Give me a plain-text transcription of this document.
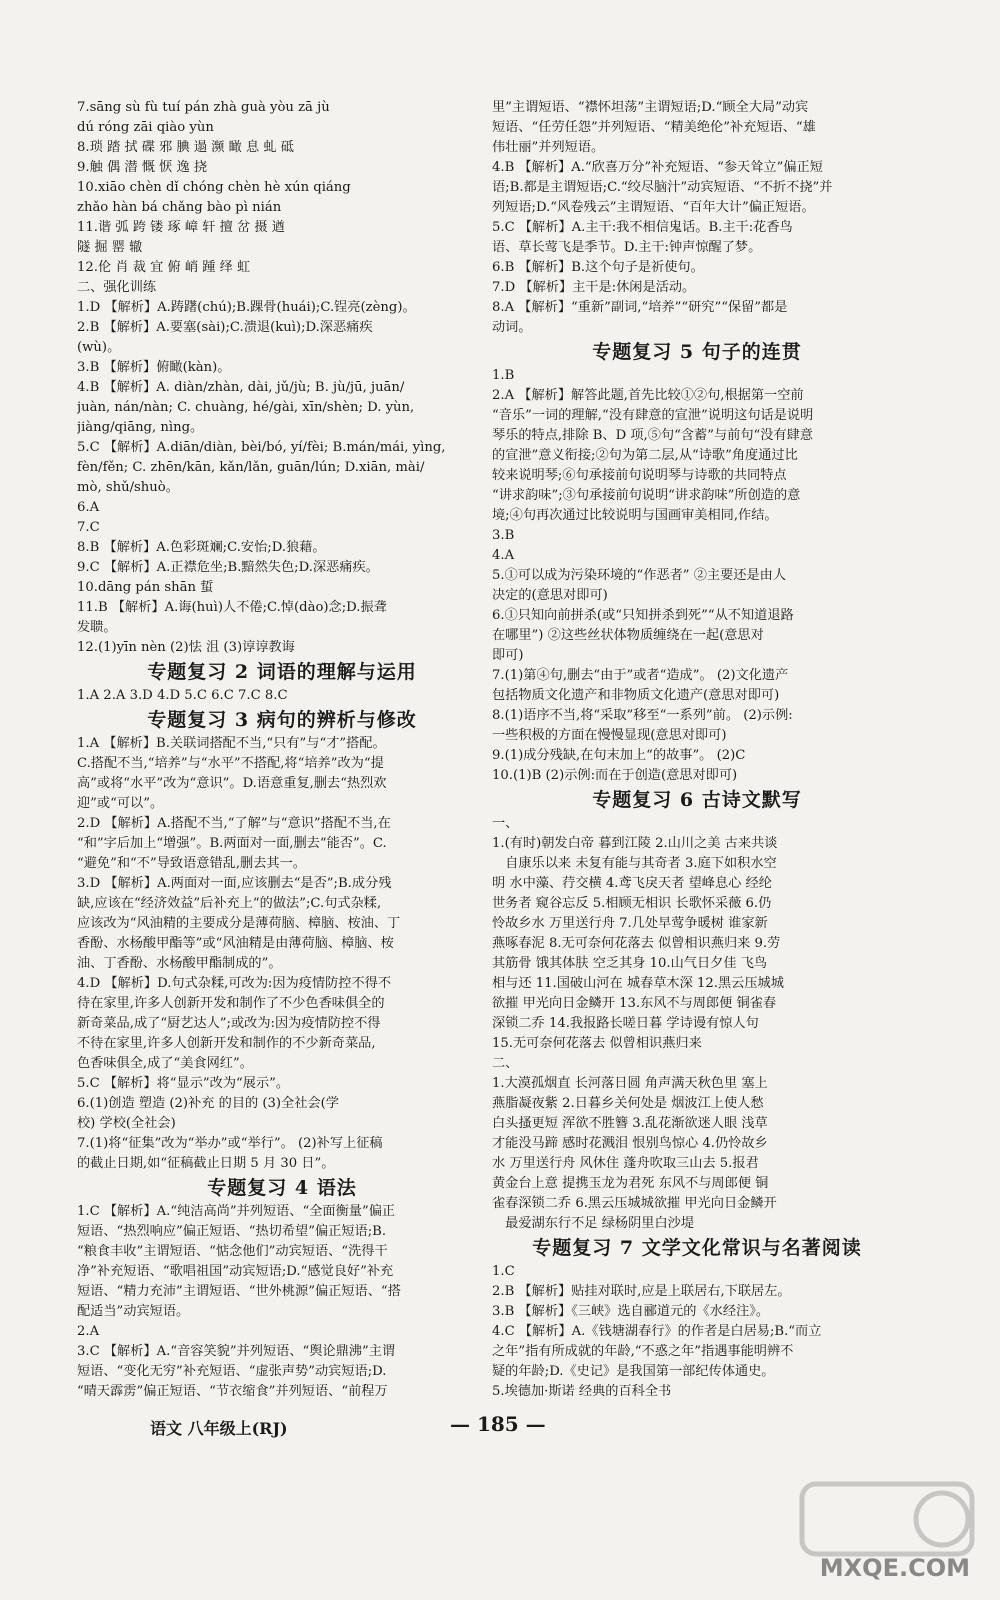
7.sāng sù fù tuí pán zhà guà yòu zā jù
dú róng zāi qiào yùn
8.琐 踏 拭 碟 邪 腆 遢 濒 瞰 息 虬 砥
9.触 偶 潜 慨 恹 逸 挠
10.xiāo chèn dǐ chóng chèn hè xún qiáng
zhǎo hàn bá chǎng bào pì nián
11.谐 弧 跨 镂 琢 嶂 轩 擅 岔 摄 遒
隧 掘 罂 辙
12.伦 肖 裁 宜 俯 峭 踵 绎 虹
二、强化训练
1.D 【解析】A.踌躇(chú);B.踝骨(huái);C.锃亮(zèng)。
2.B 【解析】A.要塞(sài);C.溃退(kuì);D.深恶痛疾
(wù)。
3.B 【解析】俯瞰(kàn)。
4.B 【解析】A. diàn/zhàn, dài, jǔ/jù; B. jù/jū, juān/
juàn, nán/nàn; C. chuàng, hé/gài, xīn/shèn; D. yùn,
jiàng/qiāng, nìng。
5.C 【解析】A.diān/diàn, bèi/bó, yí/fèi; B.mán/mái, yìng,
fèn/fěn; C. zhēn/kān, kǎn/lǎn, guān/lún; D.xiān, mài/
mò, shǔ/shuò。
6.A
7.C
8.B 【解析】A.色彩斑斓;C.安怡;D.狼藉。
9.C 【解析】A.正襟危坐;B.黯然失色;D.深恶痛疾。
10.dāng pán shān 蜇
11.B 【解析】A.诲(huì)人不倦;C.悼(dào)念;D.振聋
发聩。
12.(1)yīn nèn (2)怯 沮 (3)谆谆教诲
专题复习 2 词语的理解与运用
1.A 2.A 3.D 4.D 5.C 6.C 7.C 8.C
专题复习 3 病句的辨析与修改
1.A 【解析】B.关联词搭配不当,“只有”与“才”搭配。
C.搭配不当,“培养”与“水平”不搭配,将“培养”改为“提
高”或将“水平”改为“意识”。D.语意重复,删去“热烈欢
迎”或“可以”。
2.D 【解析】A.搭配不当,“了解”与“意识”搭配不当,在
“和”字后加上“增强”。B.两面对一面,删去“能否”。C.
“避免”和“不”导致语意错乱,删去其一。
3.D 【解析】A.两面对一面,应该删去“是否”;B.成分残
缺,应该在“经济效益”后补充上“的做法”;C.句式杂糅,
应该改为“风油精的主要成分是薄荷脑、樟脑、桉油、丁
香酚、水杨酸甲酯等”或“风油精是由薄荷脑、樟脑、桉
油、丁香酚、水杨酸甲酯制成的”。
4.D 【解析】D.句式杂糅,可改为:因为疫情防控不得不
待在家里,许多人创新开发和制作了不少色香味俱全的
新奇菜品,成了“厨艺达人”;或改为:因为疫情防控不得
不待在家里,许多人创新开发和制作的不少新奇菜品,
色香味俱全,成了“美食网红”。
5.C 【解析】将“显示”改为“展示”。
6.(1)创造 塑造 (2)补充 的目的 (3)全社会(学
校) 学校(全社会)
7.(1)将“征集”改为“举办”或“举行”。 (2)补写上征稿
的截止日期,如“征稿截止日期 5 月 30 日”。
专题复习 4 语法
1.C 【解析】A.“纯洁高尚”并列短语、“全面衡量”偏正
短语、“热烈响应”偏正短语、“热切希望”偏正短语;B.
“粮食丰收”主谓短语、“惦念他们”动宾短语、“洗得干
净”补充短语、“歌唱祖国”动宾短语;D.“感觉良好”补充
短语、“精力充沛”主谓短语、“世外桃源”偏正短语、“搭
配适当”动宾短语。
2.A
3.C 【解析】A.“音容笑貌”并列短语、“舆论鼎沸”主谓
短语、“变化无穷”补充短语、“虚张声势”动宾短语;D.
“晴天霹雳”偏正短语、“节衣缩食”并列短语、“前程万
里”主谓短语、“襟怀坦荡”主谓短语;D.“顾全大局”动宾
短语、“任劳任怨”并列短语、“精美绝伦”补充短语、“雄
伟壮丽”并列短语。
4.B 【解析】A.“欣喜万分”补充短语、“参天耸立”偏正短
语;B.都是主谓短语;C.“绞尽脑汁”动宾短语、“不折不挠”并
列短语;D.“风卷残云”主谓短语、“百年大计”偏正短语。
5.C 【解析】A.主干:我不相信鬼话。B.主干:花香鸟
语、草长莺飞是季节。D.主干:钟声惊醒了梦。
6.B 【解析】B.这个句子是祈使句。
7.D 【解析】主干是:休闲是活动。
8.A 【解析】“重新”副词,“培养”“研究”“保留”都是
动词。
专题复习 5 句子的连贯
1.B
2.A 【解析】解答此题,首先比较①②句,根据第一空前
“音乐”一词的理解,“没有肆意的宣泄”说明这句话是说明
琴乐的特点,排除 B、D 项,⑤句“含蓄”与前句“没有肆意
的宣泄”意义衔接;②句为第二层,从“诗歌”角度通过比
较来说明琴;⑥句承接前句说明琴与诗歌的共同特点
“讲求韵味”;③句承接前句说明“讲求韵味”所创造的意
境;④句再次通过比较说明与国画审美相同,作结。
3.B
4.A
5.①可以成为污染环境的“作恶者” ②主要还是由人
决定的(意思对即可)
6.①只知向前拼杀(或“只知拼杀到死”“从不知道退路
在哪里”) ②这些丝状体物质缠绕在一起(意思对
即可)
7.(1)第④句,删去“由于”或者“造成”。 (2)文化遗产
包括物质文化遗产和非物质文化遗产(意思对即可)
8.(1)语序不当,将“采取”移至“一系列”前。 (2)示例:
一些积极的方面在慢慢显现(意思对即可)
9.(1)成分残缺,在句末加上“的故事”。 (2)C
10.(1)B (2)示例:而在于创造(意思对即可)
专题复习 6 古诗文默写
一、
1.(有时)朝发白帝 暮到江陵 2.山川之美 古来共谈
　自康乐以来 未复有能与其奇者 3.庭下如积水空
明 水中藻、荇交横 4.鸢飞戾天者 望峰息心 经纶
世务者 窥谷忘反 5.相顾无相识 长歌怀采薇 6.仍
怜故乡水 万里送行舟 7.几处早莺争暖树 谁家新
燕啄春泥 8.无可奈何花落去 似曾相识燕归来 9.劳
其筋骨 饿其体肤 空乏其身 10.山气日夕佳 飞鸟
相与还 11.国破山河在 城春草木深 12.黑云压城城
欲摧 甲光向日金鳞开 13.东风不与周郎便 铜雀春
深锁二乔 14.我报路长嗟日暮 学诗谩有惊人句
15.无可奈何花落去 似曾相识燕归来
二、
1.大漠孤烟直 长河落日圆 角声满天秋色里 塞上
燕脂凝夜紫 2.日暮乡关何处是 烟波江上使人愁
白头搔更短 浑欲不胜簪 3.乱花渐欲迷人眼 浅草
才能没马蹄 感时花溅泪 恨别鸟惊心 4.仍怜故乡
水 万里送行舟 风休住 蓬舟吹取三山去 5.报君
黄金台上意 提携玉龙为君死 东风不与周郎便 铜
雀春深锁二乔 6.黑云压城城欲摧 甲光向日金鳞开
　最爱湖东行不足 绿杨阴里白沙堤
专题复习 7 文学文化常识与名著阅读
1.C
2.B 【解析】贴挂对联时,应是上联居右,下联居左。
3.B 【解析】《三峡》选自郦道元的《水经注》。
4.C 【解析】A.《钱塘湖春行》的作者是白居易;B.“而立
之年”指有所成就的年龄,“不惑之年”指遇事能明辨不
疑的年龄;D.《史记》是我国第一部纪传体通史。
5.埃德加·斯诺 经典的百科全书
语文 八年级上(RJ)	— 185 —
MXQE.COM
